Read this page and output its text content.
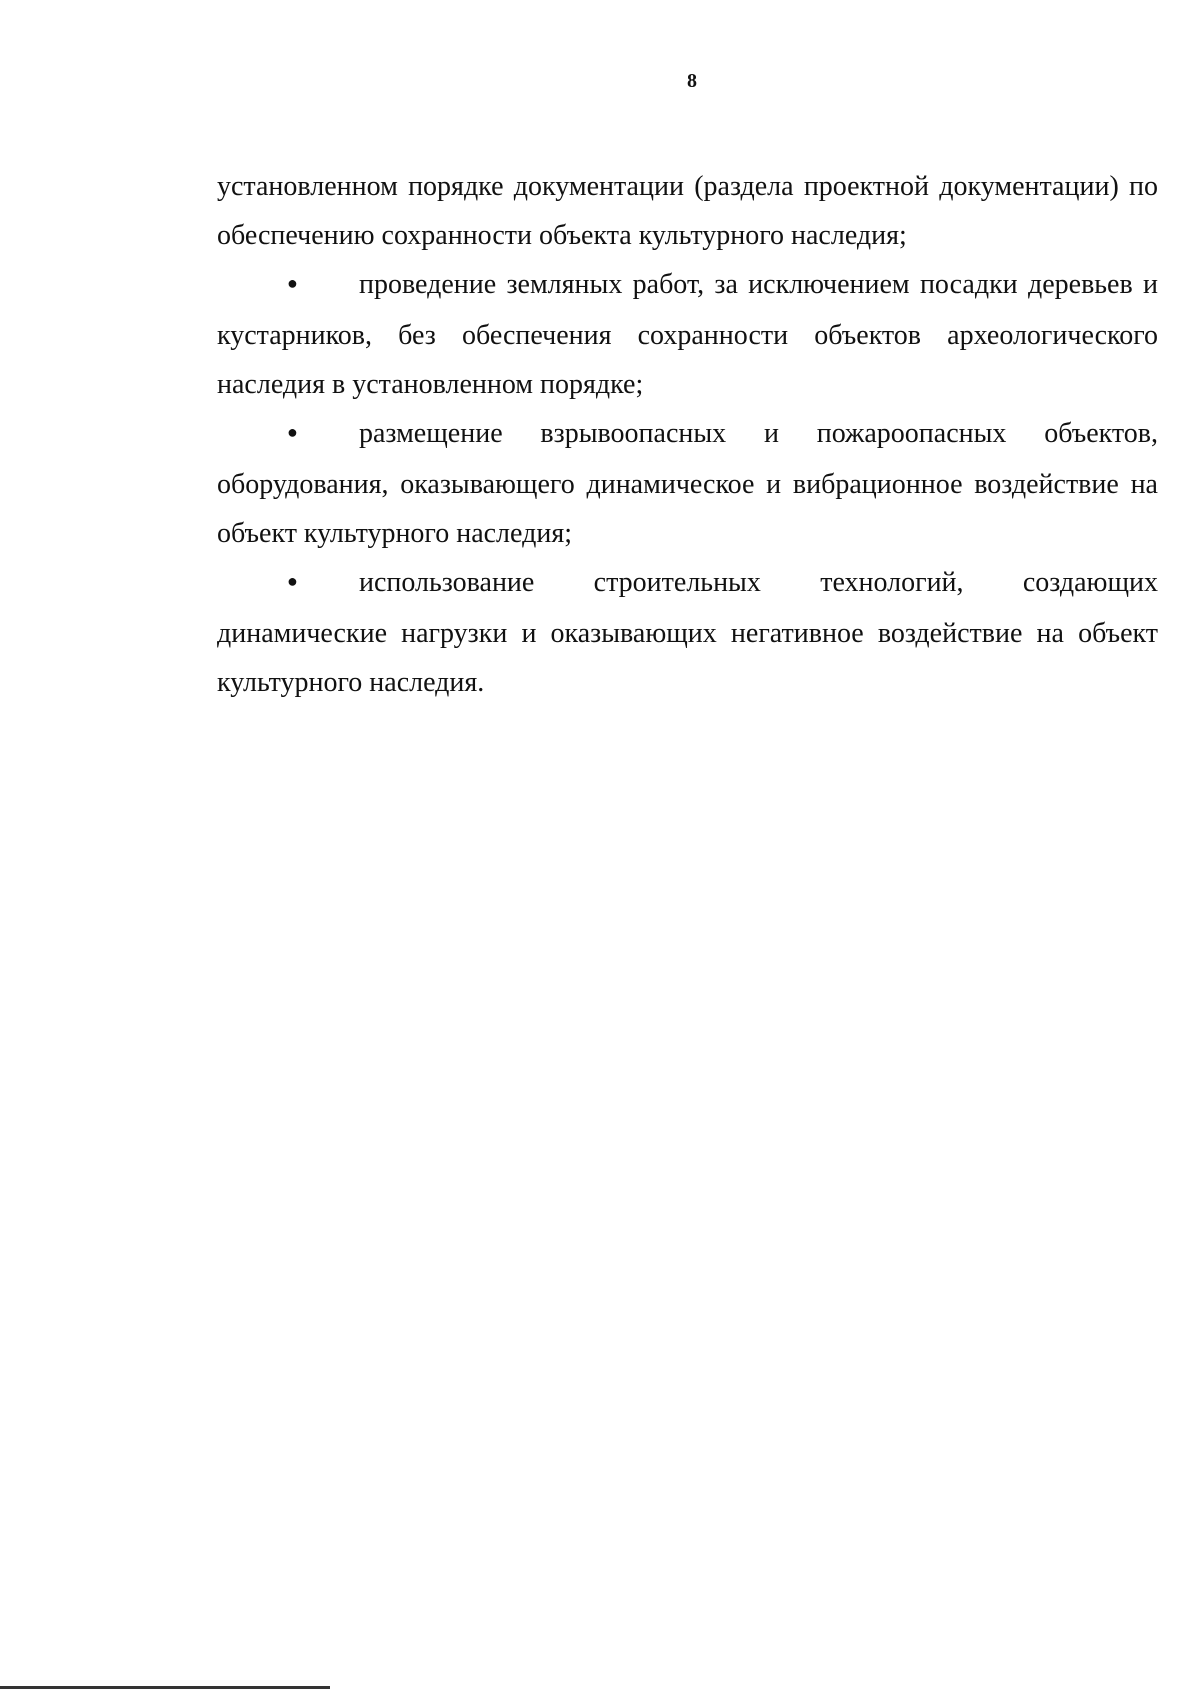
8

установленном порядке документации (раздела проектной документации) по обеспечению сохранности объекта культурного наследия;

● проведение земляных работ, за исключением посадки деревьев и кустарников, без обеспечения сохранности объектов археологического наследия в установленном порядке;

● размещение взрывоопасных и пожароопасных объектов, оборудования, оказывающего динамическое и вибрационное воздействие на объект культурного наследия;

● использование строительных технологий, создающих динамические нагрузки и оказывающих негативное воздействие на объект культурного наследия.
